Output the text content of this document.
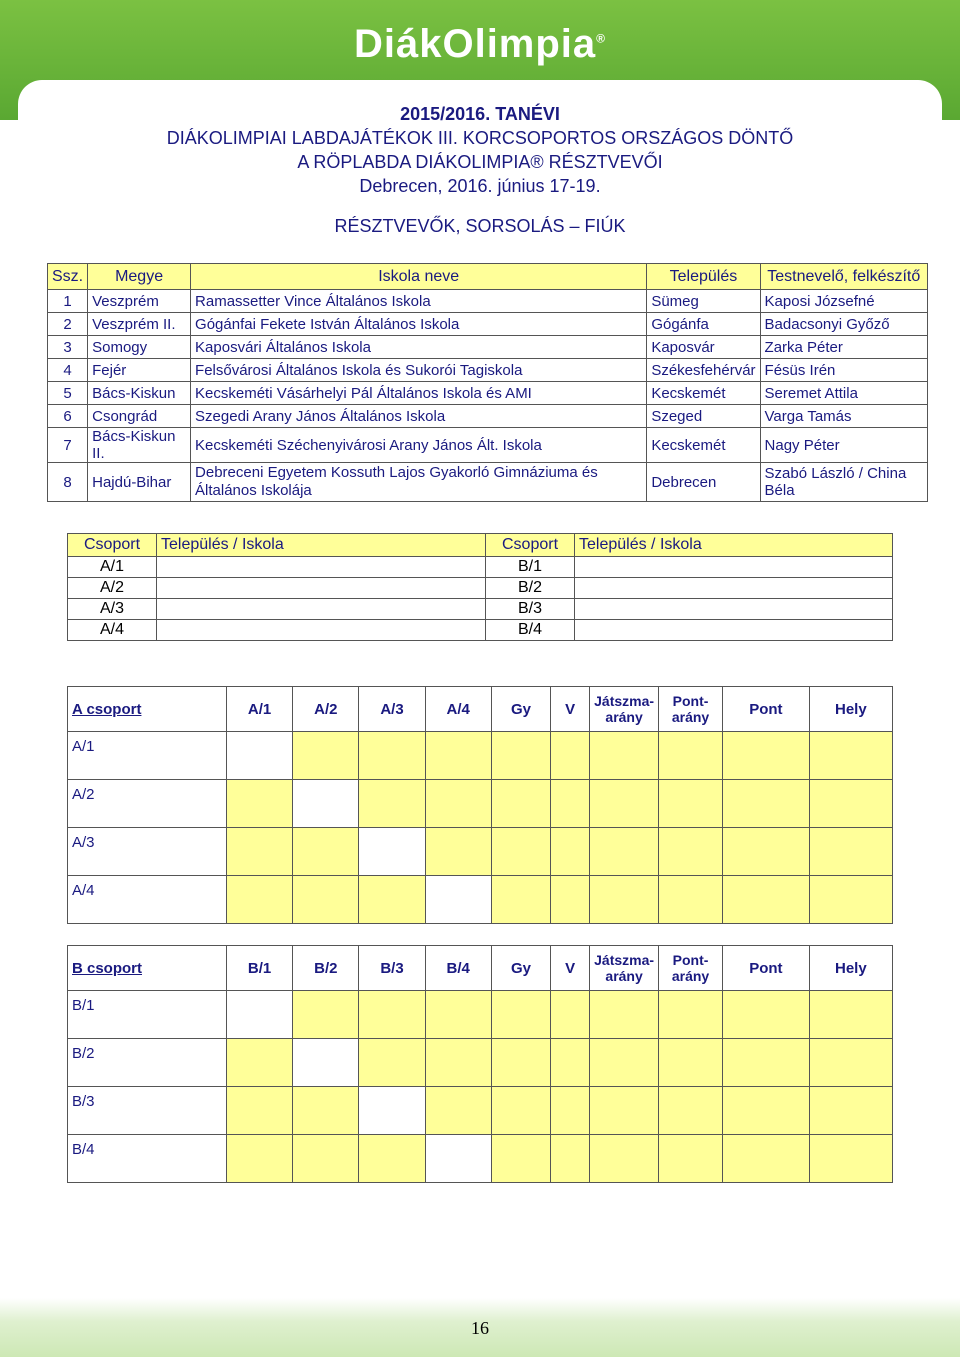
DiákOlimpia®
2015/2016. TANÉVI
DIÁKOLIMPIAI LABDAJÁTÉKOK III. KORCSOPORTOS ORSZÁGOS DÖNTŐ
A RÖPLABDA DIÁKOLIMPIA® RÉSZTVEVŐI
Debrecen, 2016. június 17-19.
RÉSZTVEVŐK, SORSOLÁS – FIÚK
Ssz.	Megye	Iskola neve	Település	Testnevelő, felkészítő
1	Veszprém	Ramassetter Vince Általános Iskola	Sümeg	Kaposi Józsefné
2	Veszprém II.	Gógánfai Fekete István Általános Iskola	Gógánfa	Badacsonyi Győző
3	Somogy	Kaposvári Általános Iskola	Kaposvár	Zarka Péter
4	Fejér	Felsővárosi Általános Iskola és Sukorói Tagiskola	Székesfehérvár	Fésüs Irén
5	Bács-Kiskun	Kecskeméti Vásárhelyi Pál Általános Iskola és AMI	Kecskemét	Seremet Attila
6	Csongrád	Szegedi Arany János Általános Iskola	Szeged	Varga Tamás
7	Bács-Kiskun II.	Kecskeméti Széchenyivárosi Arany János Ált. Iskola	Kecskemét	Nagy Péter
8	Hajdú-Bihar	Debreceni Egyetem Kossuth Lajos Gyakorló Gimnáziuma és Általános Iskolája	Debrecen	Szabó László / China Béla
Csoport	Település / Iskola	Csoport	Település / Iskola
A/1		B/1	
A/2		B/2	
A/3		B/3	
A/4		B/4	
A csoport	A/1	A/2	A/3	A/4	Gy	V	Játszma-arány	Pont-arány	Pont	Hely
A/1										
A/2										
A/3										
A/4										
B csoport	B/1	B/2	B/3	B/4	Gy	V	Játszma-arány	Pont-arány	Pont	Hely
B/1										
B/2										
B/3										
B/4										
16
